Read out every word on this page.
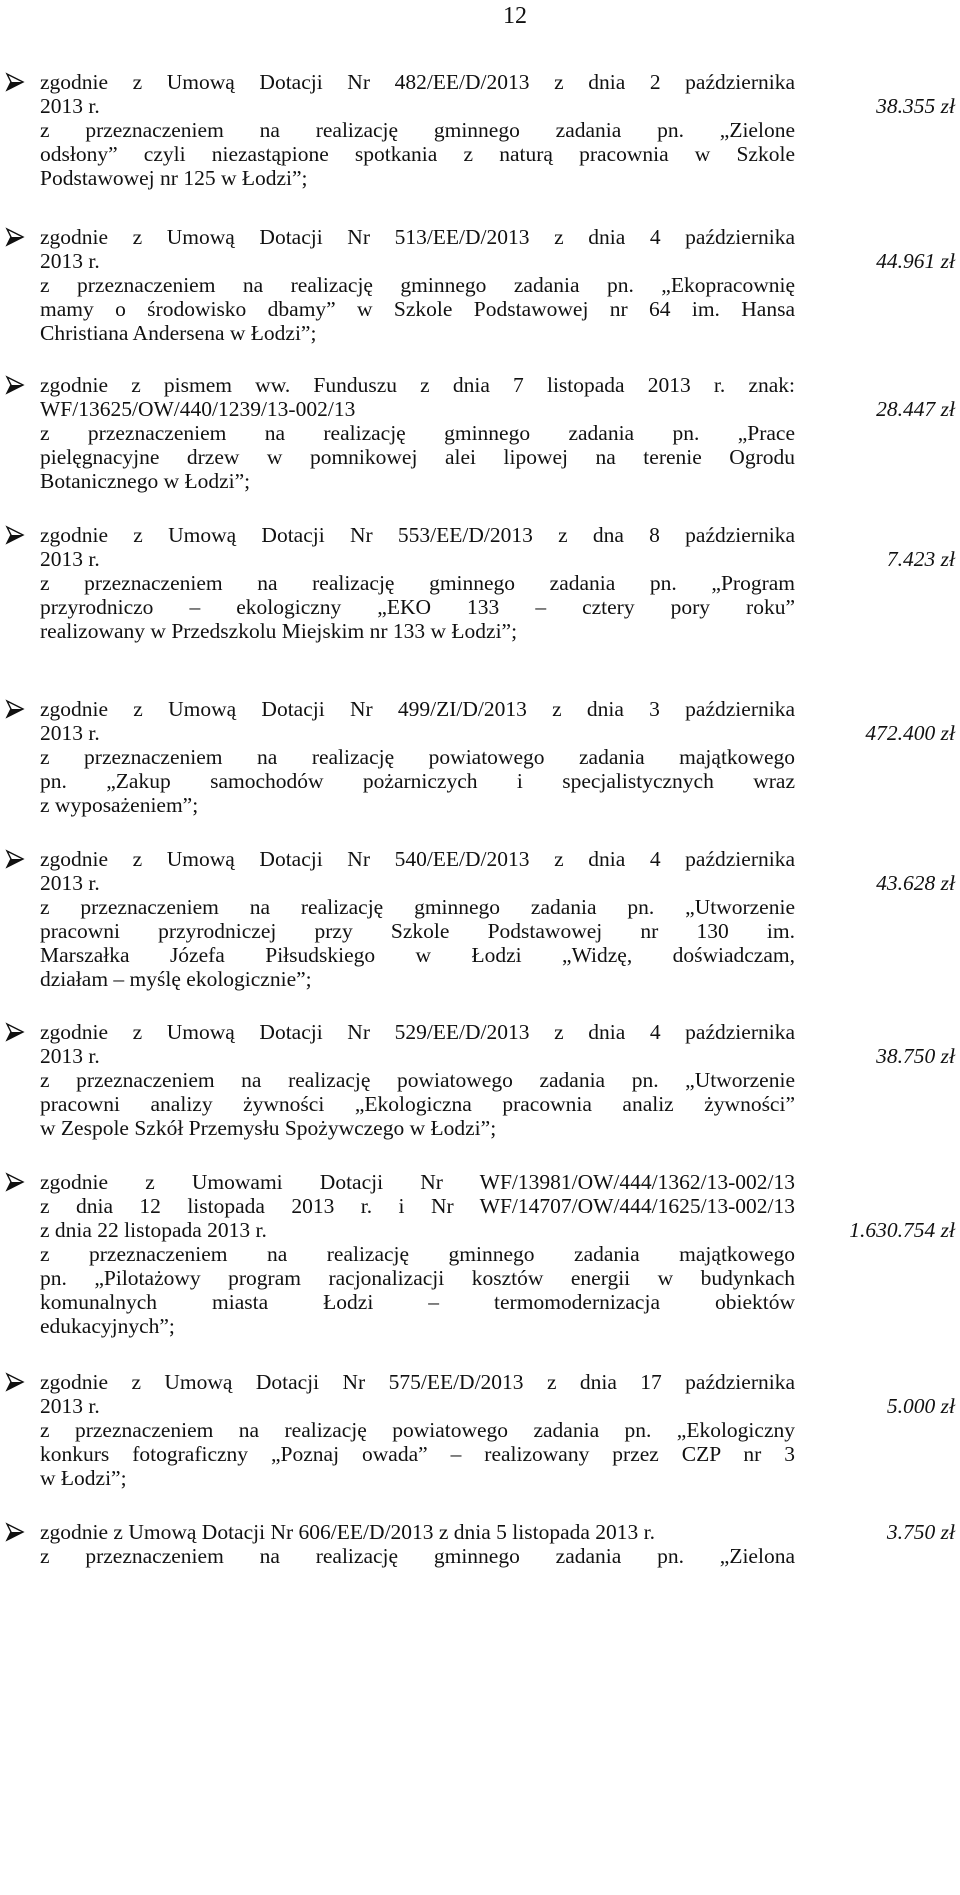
12
zgodnie z Umową Dotacji Nr 482/EE/D/2013 z dnia 2 października
2013 r.
z przeznaczeniem na realizację gminnego zadania pn. „Zielone
odsłony” czyli niezastąpione spotkania z naturą pracownia w Szkole
Podstawowej nr 125 w Łodzi”;
38.355 zł
zgodnie z Umową Dotacji Nr 513/EE/D/2013 z dnia 4 października
2013 r.
z przeznaczeniem na realizację gminnego zadania pn. „Ekopracownię
mamy o środowisko dbamy” w Szkole Podstawowej nr 64 im. Hansa
Christiana Andersena w Łodzi”;
44.961 zł
zgodnie z pismem ww. Funduszu z dnia 7 listopada 2013 r. znak:
WF/13625/OW/440/1239/13-002/13
z przeznaczeniem na realizację gminnego zadania pn. „Prace
pielęgnacyjne drzew w pomnikowej alei lipowej na terenie Ogrodu
Botanicznego w Łodzi”;
28.447 zł
zgodnie z Umową Dotacji Nr 553/EE/D/2013 z dna 8 października
2013 r.
z przeznaczeniem na realizację gminnego zadania pn. „Program
przyrodniczo – ekologiczny „EKO 133 – cztery pory roku”
realizowany w Przedszkolu Miejskim nr 133 w Łodzi”;
7.423 zł
zgodnie z Umową Dotacji Nr 499/ZI/D/2013 z dnia 3 października
2013 r.
z przeznaczeniem na realizację powiatowego zadania majątkowego
pn. „Zakup samochodów pożarniczych i specjalistycznych wraz
z wyposażeniem”;
472.400 zł
zgodnie z Umową Dotacji Nr 540/EE/D/2013 z dnia 4 października
2013 r.
z przeznaczeniem na realizację gminnego zadania pn. „Utworzenie
pracowni przyrodniczej przy Szkole Podstawowej nr 130 im.
Marszałka Józefa Piłsudskiego w Łodzi „Widzę, doświadczam,
działam – myślę ekologicznie”;
43.628 zł
zgodnie z Umową Dotacji Nr 529/EE/D/2013 z dnia 4 października
2013 r.
z przeznaczeniem na realizację powiatowego zadania pn. „Utworzenie
pracowni analizy żywności „Ekologiczna pracownia analiz żywności”
w Zespole Szkół Przemysłu Spożywczego w Łodzi”;
38.750 zł
zgodnie z Umowami Dotacji Nr WF/13981/OW/444/1362/13-002/13
z dnia 12 listopada 2013 r. i Nr WF/14707/OW/444/1625/13-002/13
z dnia 22 listopada 2013 r.
z przeznaczeniem na realizację gminnego zadania majątkowego
pn. „Pilotażowy program racjonalizacji kosztów energii w budynkach
komunalnych miasta Łodzi – termomodernizacja obiektów
edukacyjnych”;
1.630.754 zł
zgodnie z Umową Dotacji Nr 575/EE/D/2013 z dnia 17 października
2013 r.
z przeznaczeniem na realizację powiatowego zadania pn. „Ekologiczny
konkurs fotograficzny „Poznaj owada” – realizowany przez CZP nr 3
w Łodzi”;
5.000 zł
zgodnie z Umową Dotacji Nr 606/EE/D/2013 z dnia 5 listopada 2013 r.
z przeznaczeniem na realizację gminnego zadania pn. „Zielona
3.750 zł
